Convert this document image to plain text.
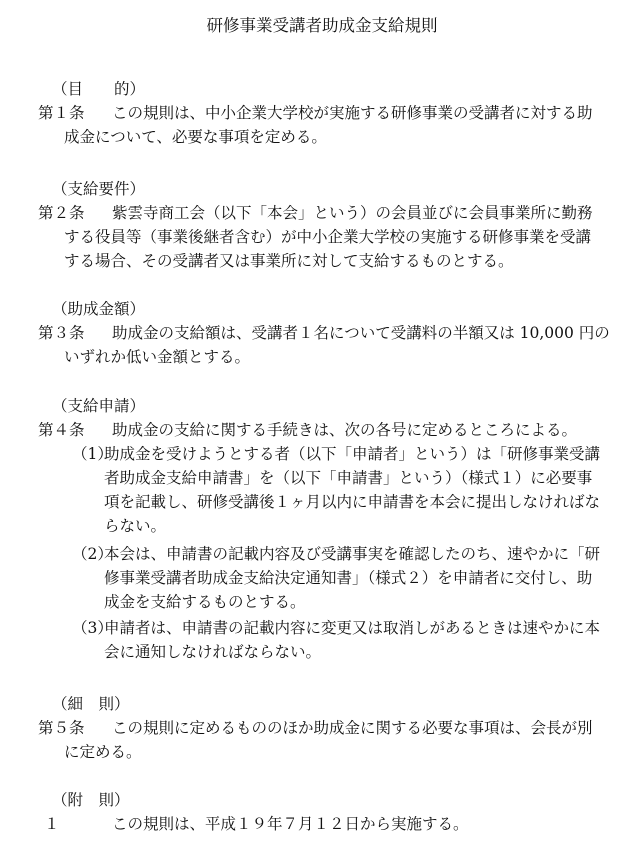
研修事業受講者助成金支給規則
（目　　的）
第１条 この規則は、中小企業大学校が実施する研修事業の受講者に対する助
成金について、必要な事項を定める。
（支給要件）
第２条 紫雲寺商工会（以下「本会」という）の会員並びに会員事業所に勤務
する役員等（事業後継者含む）が中小企業大学校の実施する研修事業を受講
する場合、その受講者又は事業所に対して支給するものとする。
（助成金額）
第３条 助成金の支給額は、受講者１名について受講料の半額又は 10,000 円の
いずれか低い金額とする。
（支給申請）
第４条 助成金の支給に関する手続きは、次の各号に定めるところによる。
（1）
助成金を受けようとする者（以下「申請者」という）は「研修事業受講
者助成金支給申請書」を（以下「申請書」という）（様式１）に必要事
項を記載し、研修受講後１ヶ月以内に申請書を本会に提出しなければな
らない。
（2）
本会は、申請書の記載内容及び受講事実を確認したのち、速やかに「研
修事業受講者助成金支給決定通知書」（様式２）を申請者に交付し、助
成金を支給するものとする。
（3）
申請者は、申請書の記載内容に変更又は取消しがあるときは速やかに本
会に通知しなければならない。
（細　則）
第５条 この規則に定めるもののほか助成金に関する必要な事項は、会長が別
に定める。
（附　則）
１	この規則は、平成１９年７月１２日から実施する。
